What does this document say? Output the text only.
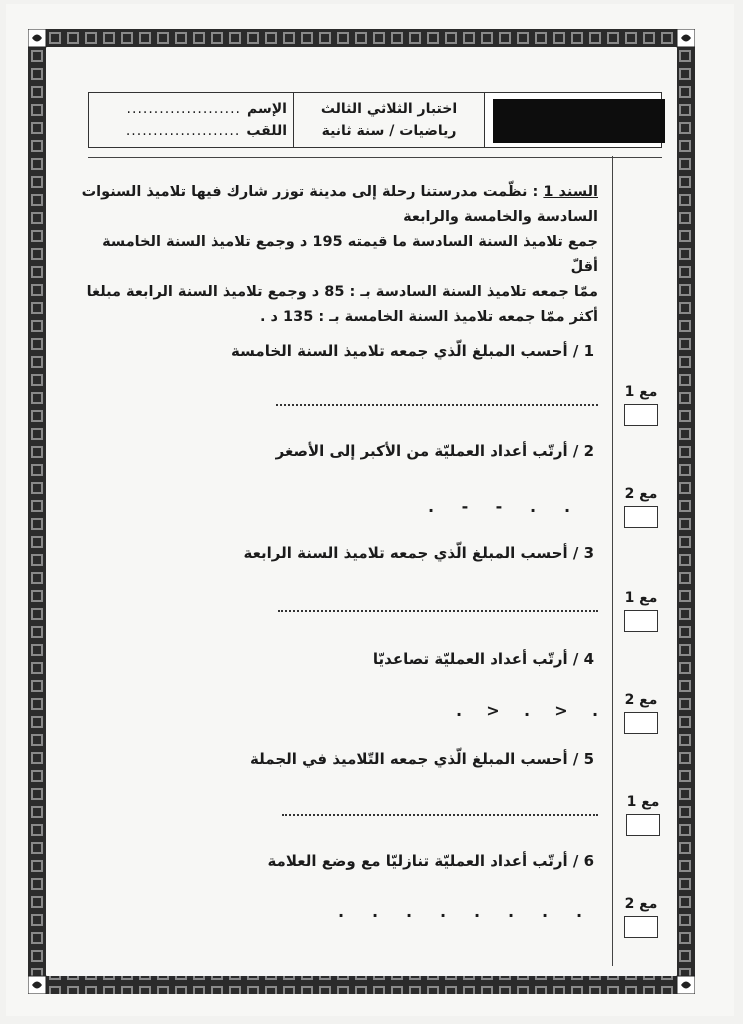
اختبار الثلاثي الثالث
رياضيات / سنة ثانية
الإسم
.....................
اللقب
.....................
السند 1 : نظّمت مدرستنا رحلة إلى مدينة توزر شارك فيها تلاميذ السنوات
السادسة والخامسة والرابعة
جمع تلاميذ السنة السادسة ما قيمته 195 د وجمع تلاميذ السنة الخامسة أقلّ
ممّا جمعه تلاميذ السنة السادسة بـ : 85 د وجمع تلاميذ السنة الرابعة مبلغا
أكثر ممّا جمعه تلاميذ السنة الخامسة بـ : 135 د .
1 / أحسب المبلغ الّذي جمعه تلاميذ السنة الخامسة
مع 1
2 / أرتّب أعداد العمليّة من الأكبر إلى الأصغر
. - - . .
مع 2
3 / أحسب المبلغ الّذي جمعه تلاميذ السنة الرابعة
مع 1
4 / أرتّب أعداد العمليّة تصاعديّا
. > . > .
مع 2
5 / أحسب المبلغ الّذي جمعه التّلاميذ في الجملة
مع 1
6 / أرتّب أعداد العمليّة تنازليّا مع وضع العلامة
. . . . . . . .	مع 2
